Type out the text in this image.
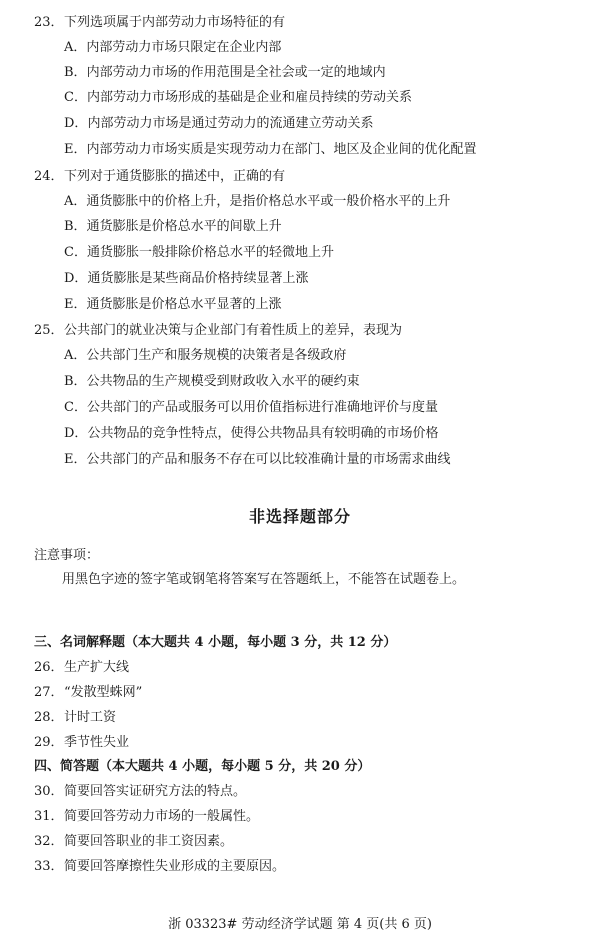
23．下列选项属于内部劳动力市场特征的有
A．内部劳动力市场只限定在企业内部
B．内部劳动力市场的作用范围是全社会或一定的地域内
C．内部劳动力市场形成的基础是企业和雇员持续的劳动关系
D．内部劳动力市场是通过劳动力的流通建立劳动关系
E．内部劳动力市场实质是实现劳动力在部门、地区及企业间的优化配置
24．下列对于通货膨胀的描述中，正确的有
A．通货膨胀中的价格上升，是指价格总水平或一般价格水平的上升
B．通货膨胀是价格总水平的间歇上升
C．通货膨胀一般排除价格总水平的轻微地上升
D．通货膨胀是某些商品价格持续显著上涨
E．通货膨胀是价格总水平显著的上涨
25．公共部门的就业决策与企业部门有着性质上的差异，表现为
A．公共部门生产和服务规模的决策者是各级政府
B．公共物品的生产规模受到财政收入水平的硬约束
C．公共部门的产品或服务可以用价值指标进行准确地评价与度量
D．公共物品的竞争性特点，使得公共物品具有较明确的市场价格
E．公共部门的产品和服务不存在可以比较准确计量的市场需求曲线
非选择题部分
注意事项：
用黑色字迹的签字笔或钢笔将答案写在答题纸上，不能答在试题卷上。
三、名词解释题（本大题共 4 小题，每小题 3 分，共 12 分）
26．生产扩大线
27．“发散型蛛网”
28．计时工资
29．季节性失业
四、简答题（本大题共 4 小题，每小题 5 分，共 20 分）
30．简要回答实证研究方法的特点。
31．简要回答劳动力市场的一般属性。
32．简要回答职业的非工资因素。
33．简要回答摩擦性失业形成的主要原因。
浙 03323# 劳动经济学试题 第 4 页(共 6 页)
